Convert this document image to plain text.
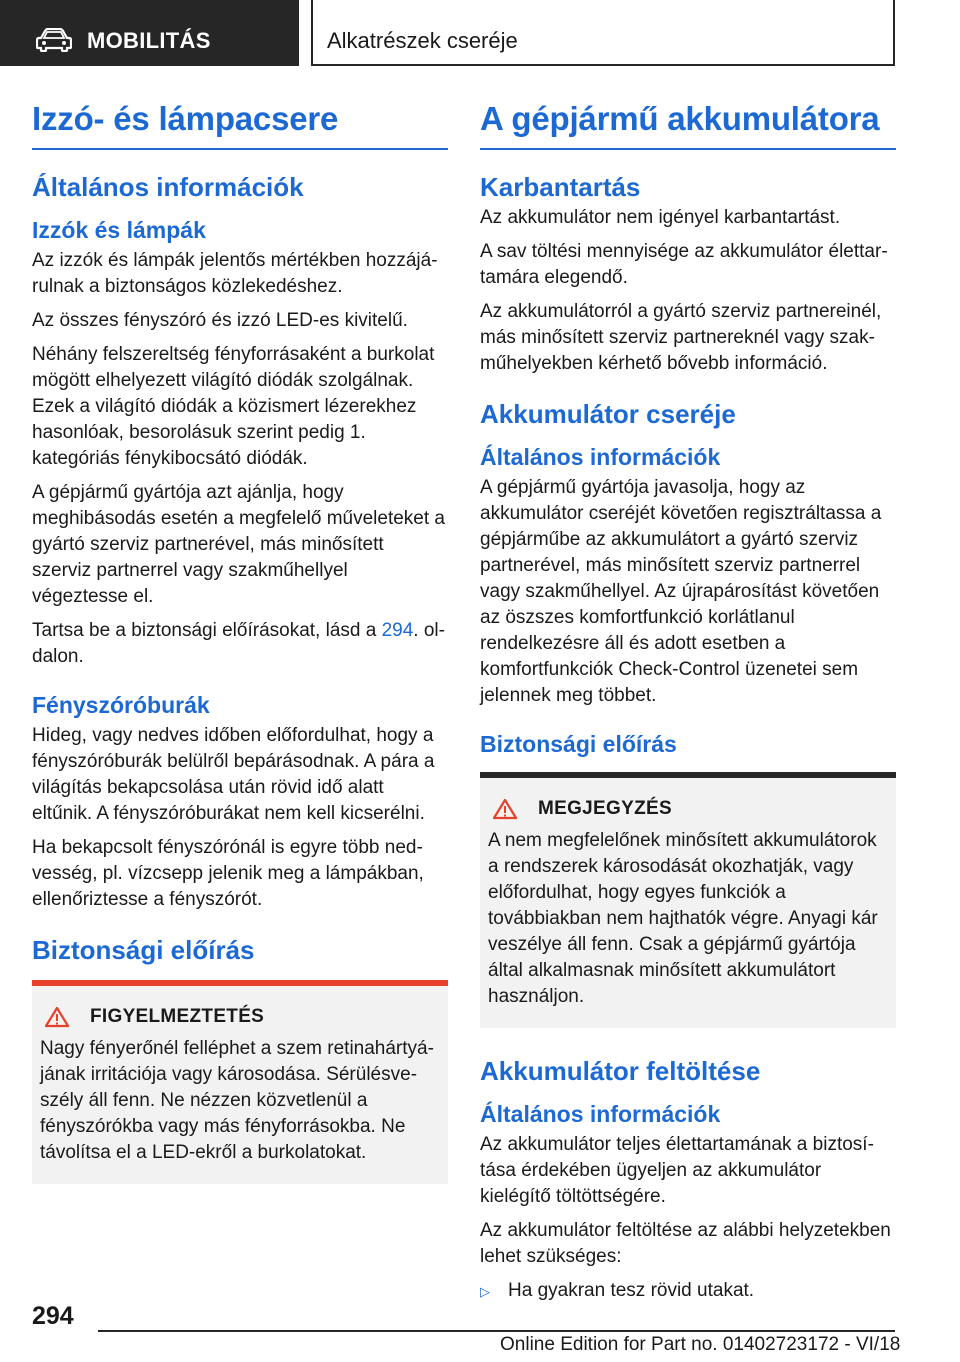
MOBILITÁS	Alkatrészek cseréje
Izzó- és lámpacsere
Általános információk
Izzók és lámpák

Az izzók és lámpák jelentős mértékben hozzájárulnak a biztonságos közlekedéshez.

Az összes fényszóró és izzó LED-es kivitelű.

Néhány felszereltség fényforrásaként a burkolat mögött elhelyezett világító diódák szolgálnak. Ezek a világító diódák a közismert lézerekhez hasonlóak, besorolásuk szerint pedig 1. kategóriás fénykibocsátó diódák.

A gépjármű gyártója azt ajánlja, hogy meghibásodás esetén a megfelelő műveleteket a gyártó szerviz partnerével, más minősített szerviz partnerrel vagy szakműhellyel végeztesse el.

Tartsa be a biztonsági előírásokat, lásd a 294. oldalon.

Fényszóróburák

Hideg, vagy nedves időben előfordulhat, hogy a fényszóróburák belülről bepárásodnak. A pára a világítás bekapcsolása után rövid idő alatt eltűnik. A fényszóróburákat nem kell kicserélni.

Ha bekapcsolt fényszórónál is egyre több nedvesség, pl. vízcsepp jelenik meg a lámpákban, ellenőriztesse a fényszórót.

Biztonsági előírás
FIGYELMEZTETÉS

Nagy fényerőnél felléphet a szem retinahártyájának irritációja vagy károsodása. Sérülésveszély áll fenn. Ne nézzen közvetlenül a fényszórókba vagy más fényforrásokba. Ne távolítsa el a LED-ekről a burkolatokat.

A gépjármű akkumulátora
Karbantartás

Az akkumulátor nem igényel karbantartást.

A sav töltési mennyisége az akkumulátor élettartamára elegendő.

Az akkumulátorról a gyártó szerviz partnereinél, más minősített szerviz partnereknél vagy szakműhelyekben kérhető bővebb információ.

Akkumulátor cseréje
Általános információk

A gépjármű gyártója javasolja, hogy az akkumulátor cseréjét követően regisztráltassa a gépjárműbe az akkumulátort a gyártó szerviz partnerével, más minősített szerviz partnerrel vagy szakműhellyel. Az újrapárosítást követően az öszszes komfortfunkció korlátlanul rendelkezésre áll és adott esetben a komfortfunkciók Check-Control üzenetei sem jelennek meg többet.

Biztonsági előírás
MEGJEGYZÉS

A nem megfelelőnek minősített akkumulátorok a rendszerek károsodását okozhatják, vagy előfordulhat, hogy egyes funkciók a továbbiakban nem hajthatók végre. Anyagi kár veszélye áll fenn. Csak a gépjármű gyártója által alkalmasnak minősített akkumulátort használjon.

Akkumulátor feltöltése
Általános információk

Az akkumulátor teljes élettartamának a biztosítása érdekében ügyeljen az akkumulátor kielégítő töltöttségére.

Az akkumulátor feltöltése az alábbi helyzetekben lehet szükséges:

▷ Ha gyakran tesz rövid utakat.
294
Online Edition for Part no. 01402723172 - VI/18
